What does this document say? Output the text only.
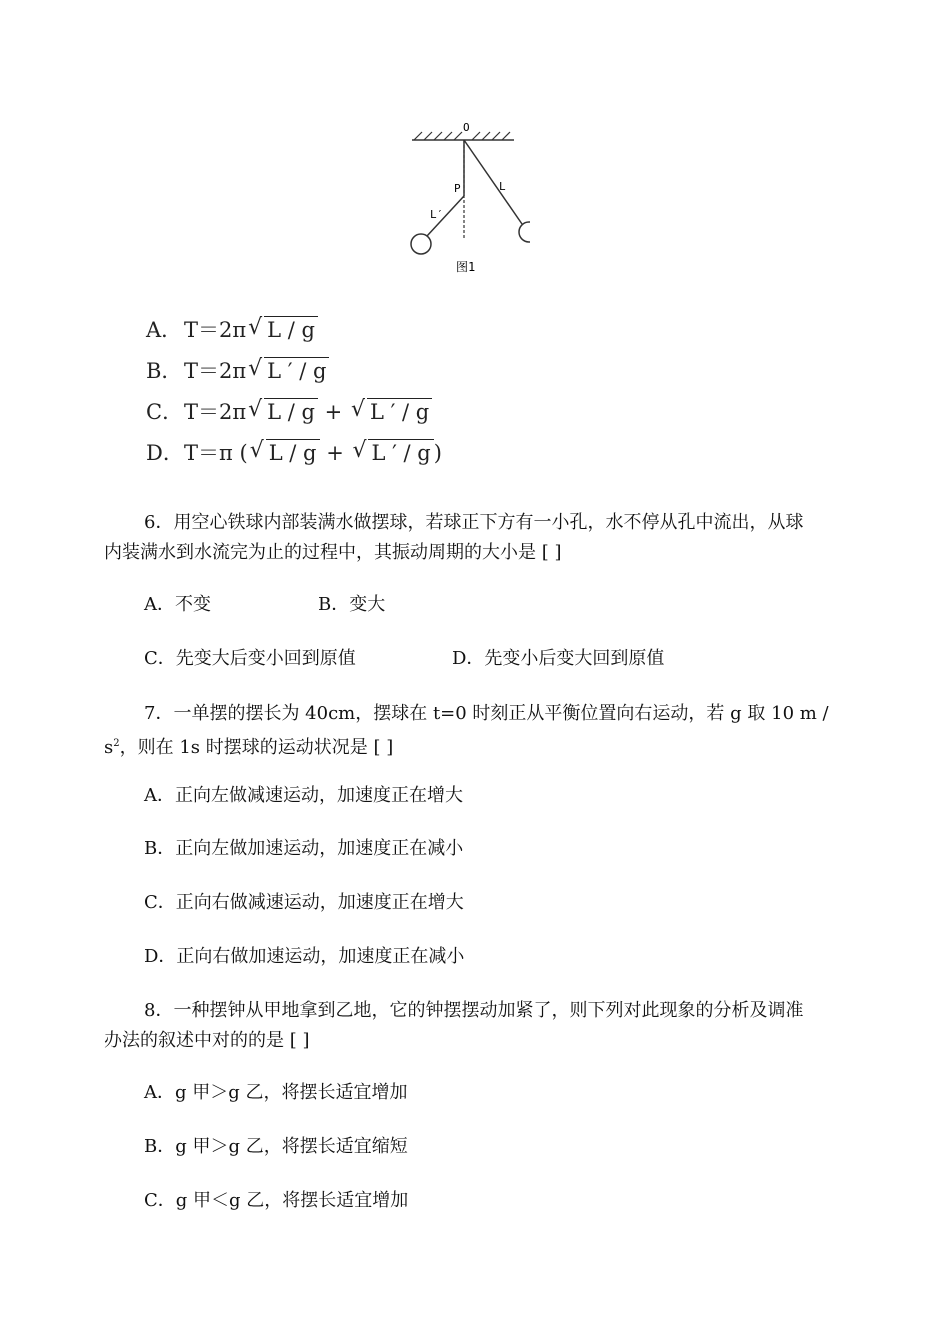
O
P	L
L′
图1
A．T＝2π √ L / g
B．T＝2π √ L ′ / g
C．T＝2π √ L / g + √ L ′ / g
D．T＝π ( √ L / g + √ L ′ / g )
6．用空心铁球内部装满水做摆球，若球正下方有一小孔，水不停从孔中流出，从球
内装满水到水流完为止的过程中，其振动周期的大小是 [ ]
A．不变	B．变大
C．先变大后变小回到原值	D．先变小后变大回到原值
7．一单摆的摆长为 40cm，摆球在 t=0 时刻正从平衡位置向右运动，若 g 取 10 m /
$s^2$，则在 1s 时摆球的运动状况是 [ ]
A．正向左做减速运动，加速度正在增大
B．正向左做加速运动，加速度正在减小
C．正向右做减速运动，加速度正在增大
D．正向右做加速运动，加速度正在减小
8．一种摆钟从甲地拿到乙地，它的钟摆摆动加紧了，则下列对此现象的分析及调准
办法的叙述中对的的是 [ ]
A．g 甲＞g 乙，将摆长适宜增加
B．g 甲＞g 乙，将摆长适宜缩短
C．g 甲＜g 乙，将摆长适宜增加
